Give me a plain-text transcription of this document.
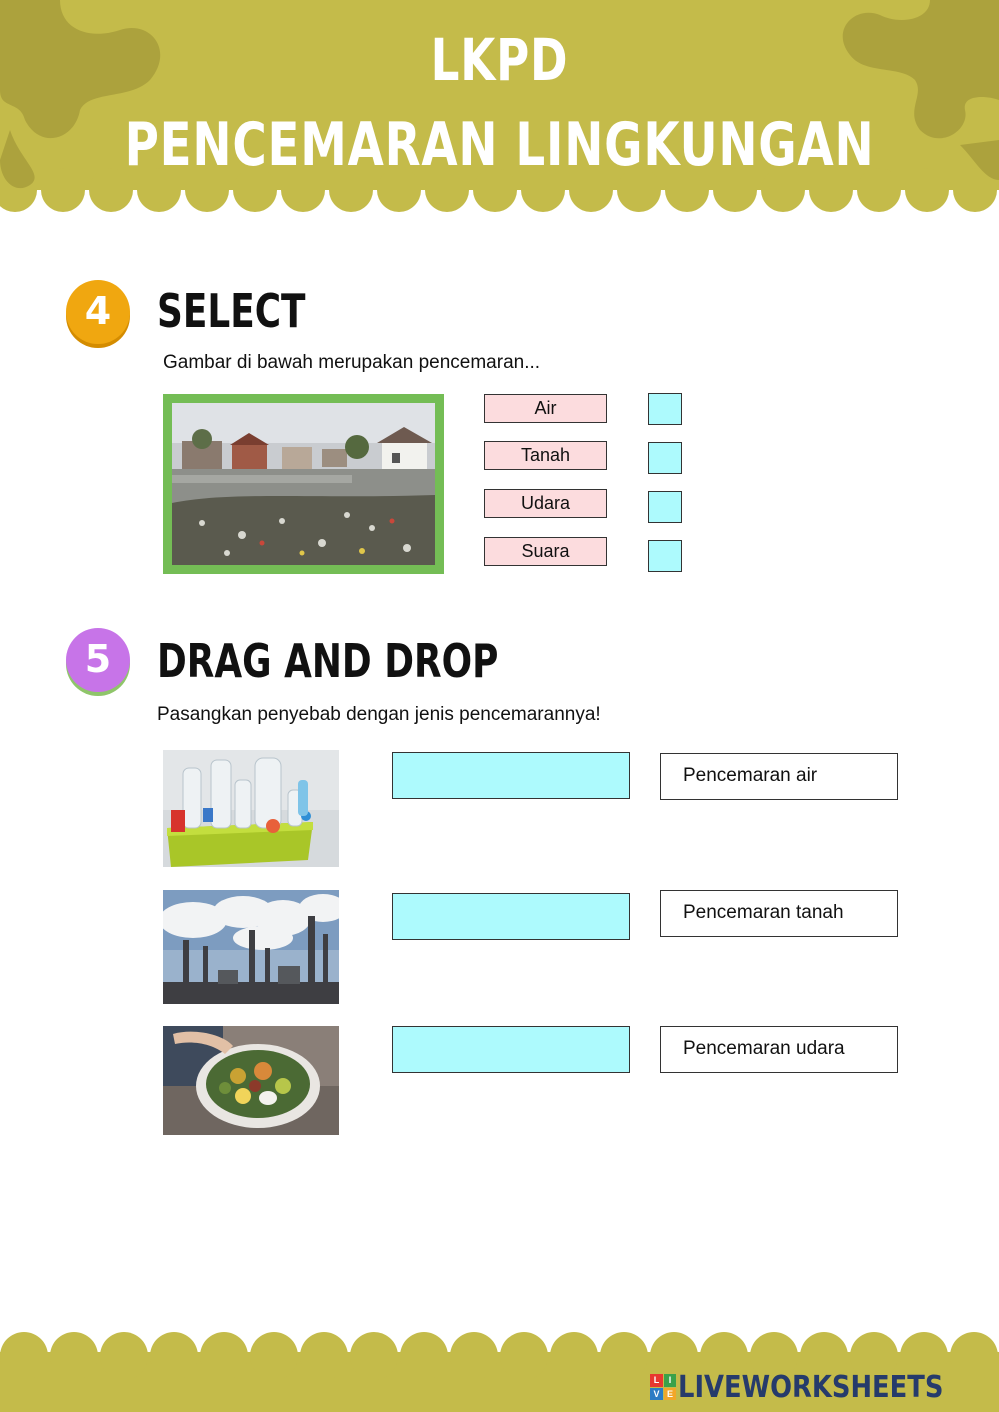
LKPD
PENCEMARAN LINGKUNGAN
4 SELECT
Gambar di bawah merupakan pencemaran...
Air
Tanah
Udara
Suara
5 DRAG AND DROP
Pasangkan penyebab dengan jenis pencemarannya!
Pencemaran air
Pencemaran tanah
Pencemaran udara
L	I
V E LIVEWORKSHEETS
